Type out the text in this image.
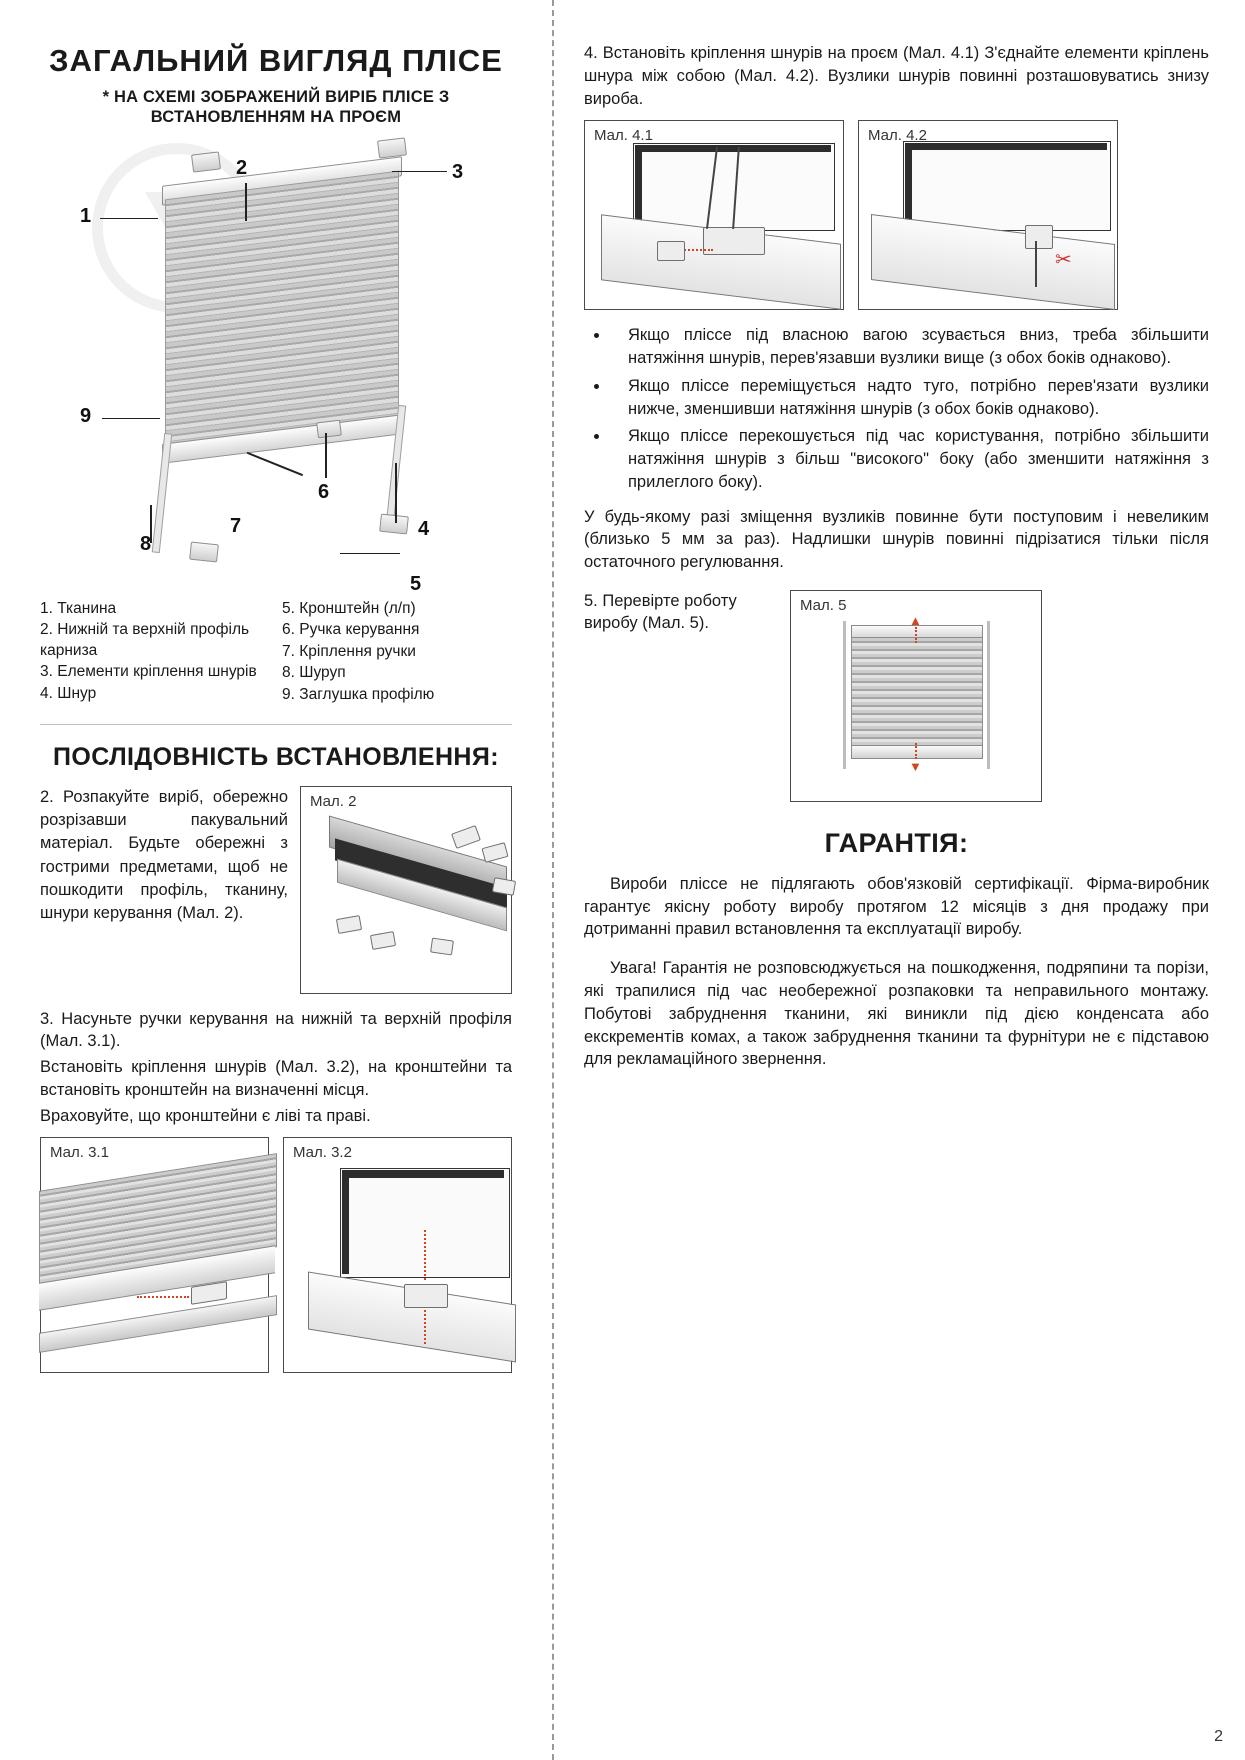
ЗАГАЛЬНИЙ ВИГЛЯД ПЛІСЕ
* НА СХЕМІ ЗОБРАЖЕНИЙ ВИРІБ ПЛІСЕ З ВСТАНОВЛЕННЯМ НА ПРОЄМ
1
2	3
4
5
6
7
8
9
1. Тканина
2. Нижній та верхній профіль карниза
3. Елементи кріплення шнурів
4. Шнур
5. Кронштейн (л/п)
6. Ручка керування
7. Кріплення ручки
8. Шуруп
9. Заглушка профілю
ПОСЛІДОВНІСТЬ ВСТАНОВЛЕННЯ:
2. Розпакуйте виріб, обережно розрізавши пакувальний матеріал. Будьте обережні з гострими предметами, щоб не пошкодити профіль, тканину, шнури керування (Мал. 2).
Мал. 2
3. Насуньте ручки керування на нижній та верхній профіля (Мал. 3.1).
Встановіть кріплення шнурів (Мал. 3.2), на кронштейни та встановіть кронштейн на визначенні місця.
Враховуйте, що кронштейни є ліві та праві.
Мал. 3.1	Мал. 3.2
4. Встановіть кріплення шнурів на проєм (Мал. 4.1) З'єднайте елементи кріплень шнура між собою (Мал. 4.2). Вузлики шнурів повинні розташовуватись знизу вироба.
Мал. 4.1	Мал. 4.2
✂
• Якщо пліссе під власною вагою зсувається вниз, треба збільшити натяжіння шнурів, перев'язавши вузлики вище (з обох боків однаково).
• Якщо пліссе переміщується надто туго, потрібно перев'язати вузлики нижче, зменшивши натяжіння шнурів (з обох боків однаково).
• Якщо пліссе перекошується під час користування, потрібно збільшити натяжіння шнурів з більш "високого" боку (або зменшити натяжіння з прилеглого боку).
У будь-якому разі зміщення вузликів повинне бути поступовим і невеликим (близько 5 мм за раз). Надлишки шнурів повинні підрізатися тільки після остаточного регулювання.
5. Перевірте роботу виробу (Мал. 5).
Мал. 5
▲
▼
ГАРАНТІЯ:
Вироби пліссе не підлягають обов'язковій сертифікації. Фірма-виробник гарантує якісну роботу виробу протягом 12 місяців з дня продажу при дотриманні правил встановлення та експлуатації виробу.
Увага! Гарантія не розповсюджується на пошкодження, подряпини та порізи, які трапилися під час необережної розпаковки та неправильного монтажу. Побутові забруднення тканини, які виникли під дією конденсата або екскрементів комах, а також забруднення тканини та фурнітури не є підставою для рекламаційного звернення.
2
